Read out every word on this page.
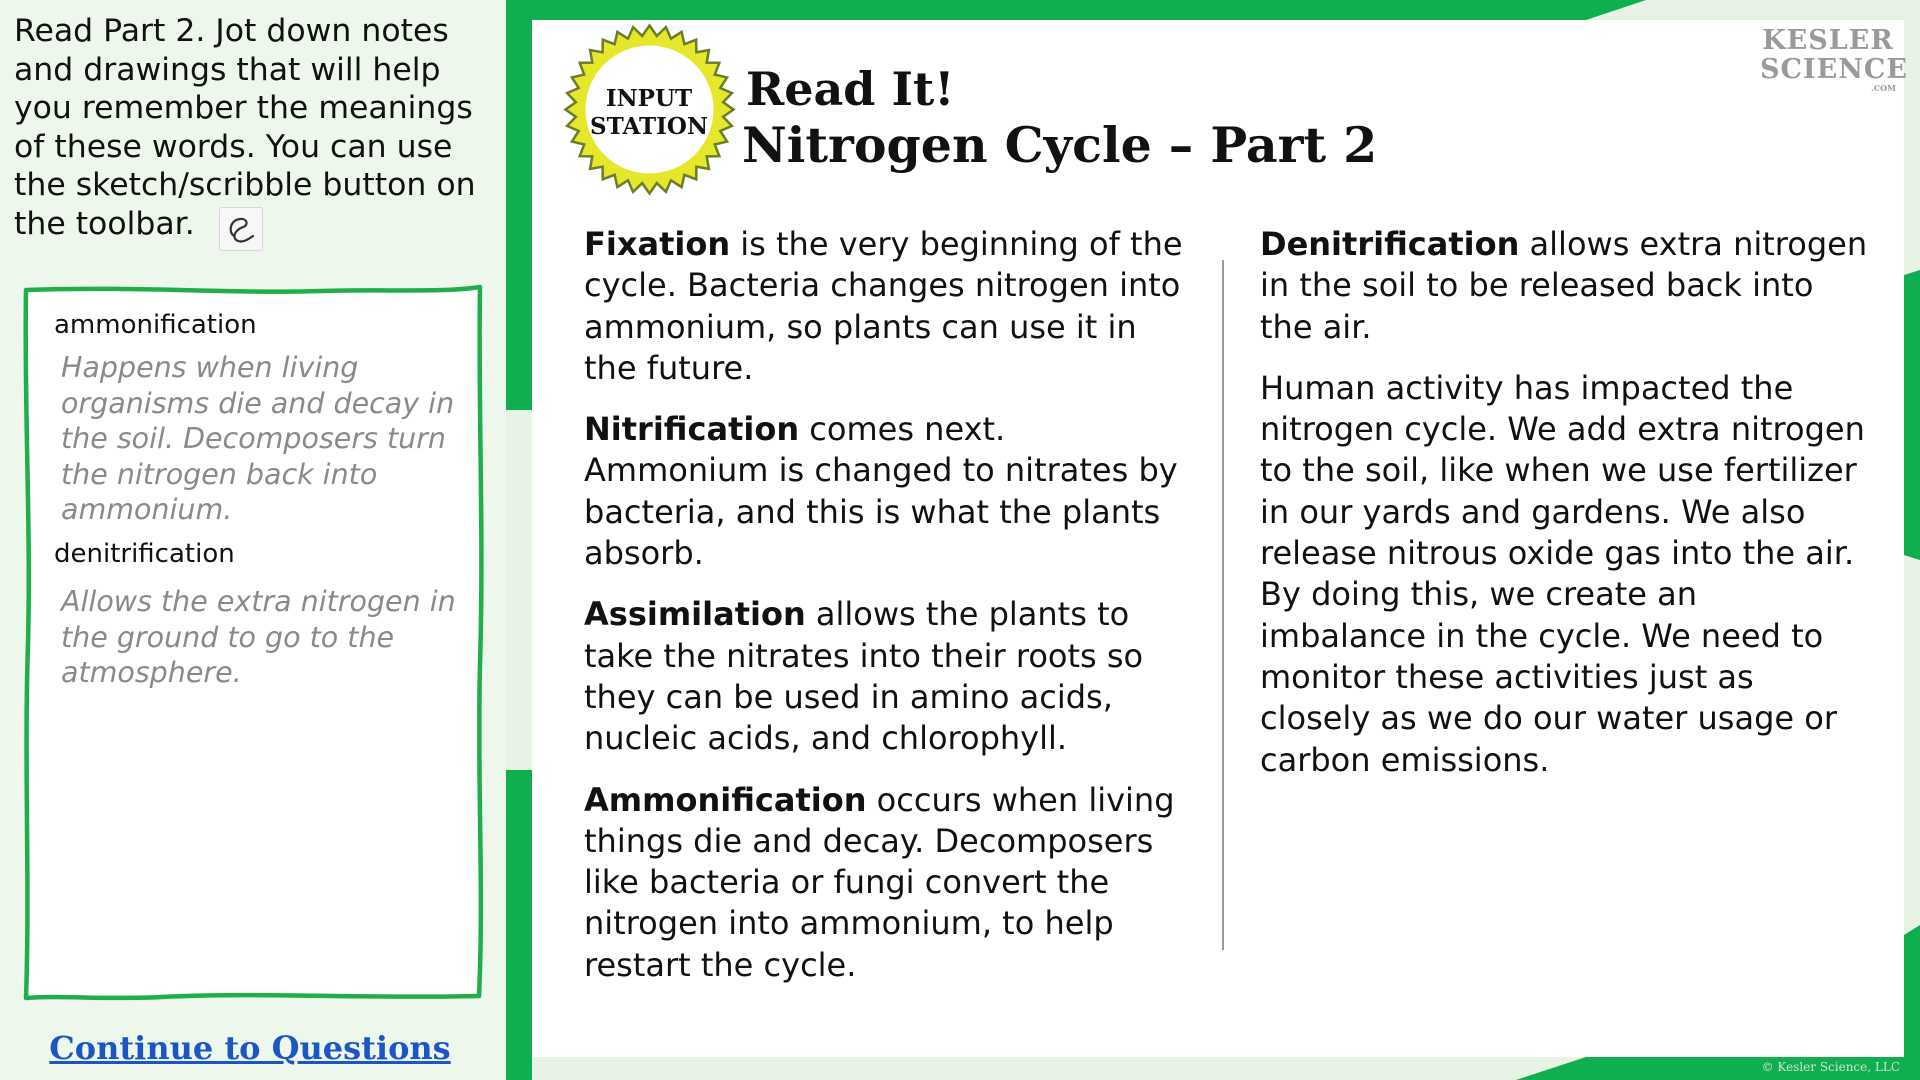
Read Part 2. Jot down notes and drawings that will help you remember the meanings of these words. You can use the sketch/scribble button on the toolbar.
ammonification
Happens when living organisms die and decay in the soil. Decomposers turn the nitrogen back into ammonium.
denitrification
Allows the extra nitrogen in the ground to go to the atmosphere.
Continue to Questions
INPUT
STATION
Read It!
Nitrogen Cycle – Part 2
KESLER
SCIENCE
.COM

Fixation is the very beginning of the cycle. Bacteria changes nitrogen into ammonium, so plants can use it in the future.

Nitrification comes next. Ammonium is changed to nitrates by bacteria, and this is what the plants absorb.

Assimilation allows the plants to take the nitrates into their roots so they can be used in amino acids, nucleic acids, and chlorophyll.

Ammonification occurs when living things die and decay. Decomposers like bacteria or fungi convert the nitrogen into ammonium, to help restart the cycle.

Denitrification allows extra nitrogen in the soil to be released back into the air.

Human activity has impacted the nitrogen cycle. We add extra nitrogen to the soil, like when we use fertilizer in our yards and gardens. We also release nitrous oxide gas into the air. By doing this, we create an imbalance in the cycle. We need to monitor these activities just as closely as we do our water usage or carbon emissions.

© Kesler Science, LLC
